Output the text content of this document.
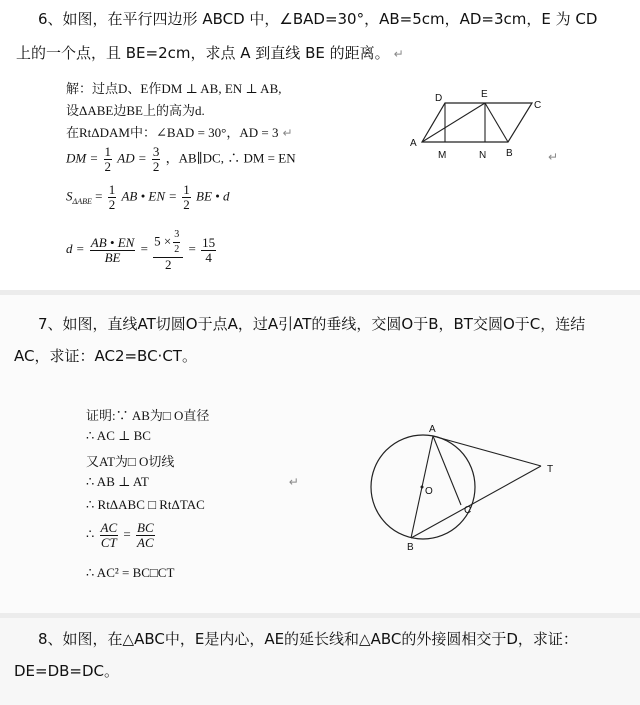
6、如图，在平行四边形 ABCD 中，∠BAD=30°，AB=5cm，AD=3cm，E 为 CD
上的一个点，且 BE=2cm，求点 A 到直线 BE 的距离。 ↵
解：过点D、E作DM ⊥ AB, EN ⊥ AB,
设ΔABE边BE上的高为d.
在RtΔDAM中：∠BAD = 30°，AD = 3 ↵
DM = $\frac{1}{2}$ AD = $\frac{3}{2}$ ，AB∥DC, ∴ DM = EN
$S_{\Delta ABE} = \frac{1}{2}$ AB • EN = $\frac{1}{2}$ BE • d
$d = \frac{AB • EN}{BE} = \frac{5 \times \frac{3}{2}}{2} = \frac{15}{4}$
A
B
C
D	E
M	N	↵
7、如图，直线AT切圆O于点A，过A引AT的垂线，交圆O于B，BT交圆O于C，连结
AC，求证：AC2=BC·CT。
证明:∵ AB为□ O直径
∴ AC ⊥ BC
又AT为□ O切线
∴ AB ⊥ AT	↵
∴ RtΔABC □ RtΔTAC
∴ $\frac{AC}{CT} = \frac{BC}{AC}$
∴ AC² = BC□CT
A
B
C
O
T
8、如图，在△ABC中，E是内心，AE的延长线和△ABC的外接圆相交于D，求证：
DE=DB=DC。
